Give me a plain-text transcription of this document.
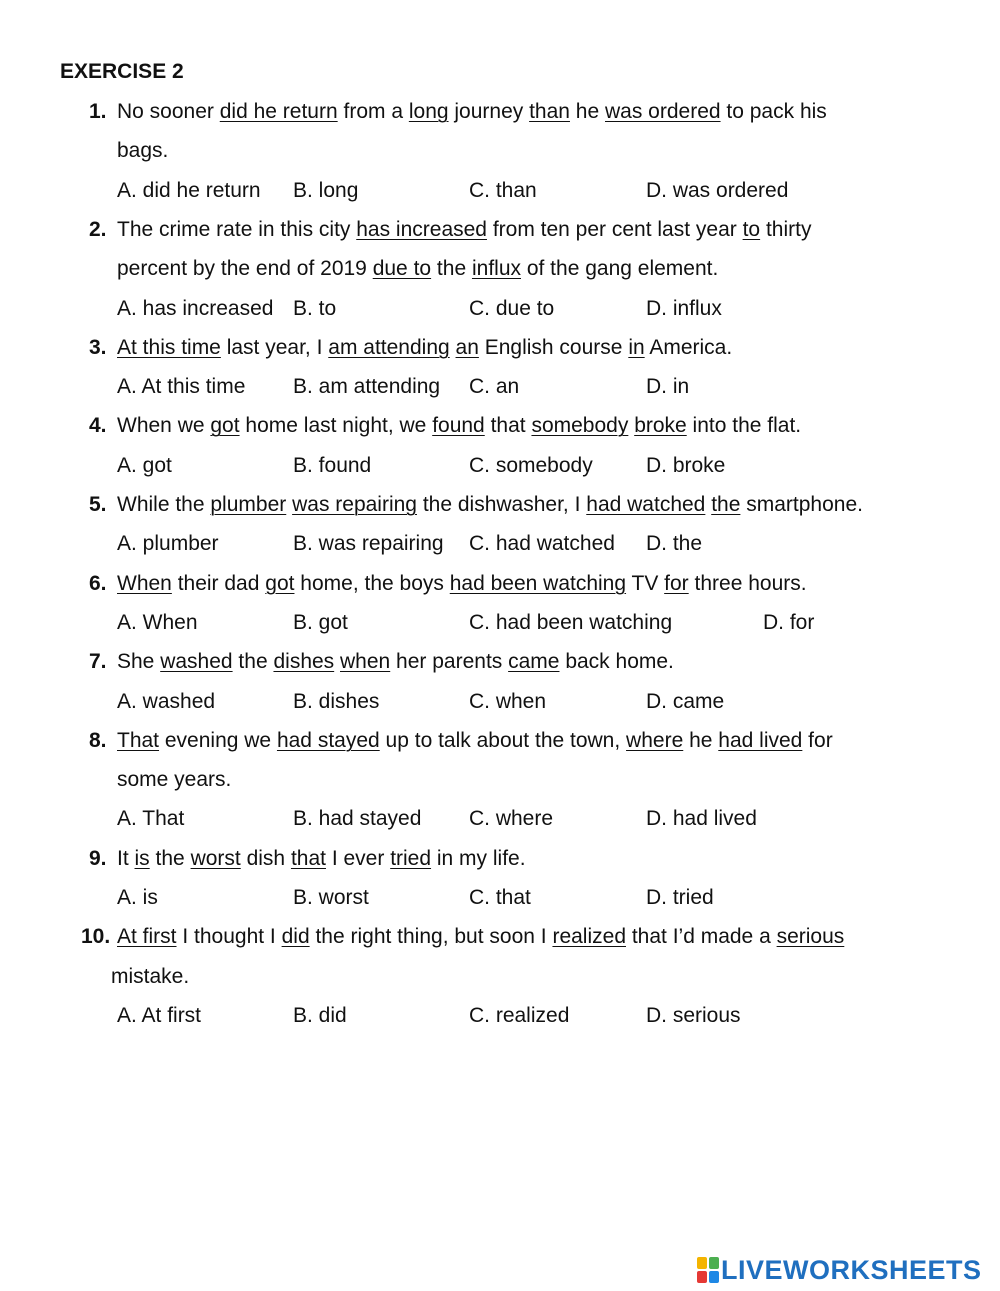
EXERCISE 2
1. No sooner did he return from a long journey than he was ordered to pack his
bags.
A. did he return B. long	C. than	D. was ordered
2. The crime rate in this city has increased from ten per cent last year to thirty
percent by the end of 2019 due to the influx of the gang element.
A. has increased B. to	C. due to	D. influx
3. At this time last year, I am attending an English course in America.
A. At this time B. am attending C. an	D. in
4. When we got home last night, we found that somebody broke into the flat.
A. got	B. found	C. somebody	D. broke
5. While the plumber was repairing the dishwasher, I had watched the smartphone.
A. plumber	B. was repairing C. had watched D. the
6. When their dad got home, the boys had been watching TV for three hours.
A. When	B. got	C. had been watching	D. for
7. She washed the dishes when her parents came back home.
A. washed	B. dishes	C. when	D. came
8. That evening we had stayed up to talk about the town, where he had lived for
some years.
A. That	B. had stayed C. where	D. had lived
9. It is the worst dish that I ever tried in my life.
A. is	B. worst	C. that	D. tried
10. At first I thought I did the right thing, but soon I realized that I’d made a serious
mistake.
A. At first	B. did	C. realized	D. serious
LIVEWORKSHEETS
